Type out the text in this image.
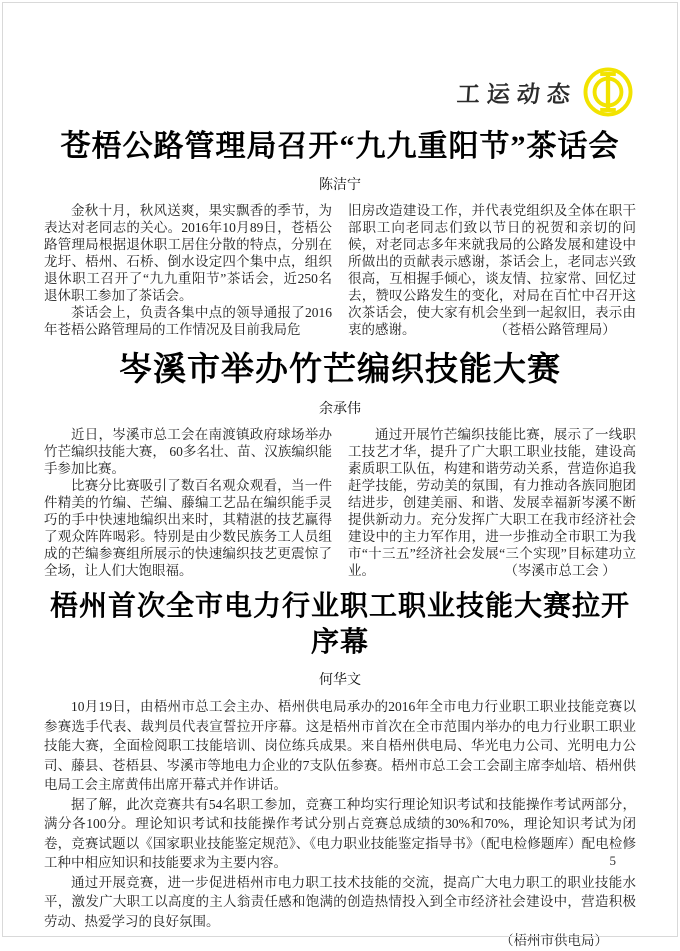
工运动态
苍梧公路管理局召开“九九重阳节”茶话会
陈洁宁

金秋十月，秋风送爽，果实飘香的季节，为表达对老同志的关心。2016年10月89日，苍梧公路管理局根据退休职工居住分散的特点，分别在龙圩、梧州、石桥、倒水设定四个集中点，组织退休职工召开了“九九重阳节”茶话会，近250名退休职工参加了茶话会。

茶话会上，负责各集中点的领导通报了2016年苍梧公路管理局的工作情况及目前我局危

旧房改造建设工作，并代表党组织及全体在职干部职工向老同志们致以节日的祝贺和亲切的问候，对老同志多年来就我局的公路发展和建设中所做出的贡献表示感谢，茶话会上，老同志兴致很高，互相握手倾心，谈友情、拉家常、回忆过去，赞叹公路发生的变化，对局在百忙中召开这次茶话会，使大家有机会坐到一起叙旧，表示由衷的感谢。	（苍梧公路管理局）

岑溪市举办竹芒编织技能大赛
余承伟

近日，岑溪市总工会在南渡镇政府球场举办竹芒编织技能大赛， 60多名壮、苗、汉族编织能手参加比赛。

比赛分比赛吸引了数百名观众观看，当一件件精美的竹编、芒编、藤编工艺品在编织能手灵巧的手中快速地编织出来时，其精湛的技艺赢得了观众阵阵喝彩。特别是由少数民族务工人员组成的芒编参赛组所展示的快速编织技艺更震惊了全场，让人们大饱眼福。

通过开展竹芒编织技能比赛，展示了一线职工技艺才华，提升了广大职工职业技能，建设高素质职工队伍，构建和谐劳动关系，营造你追我赶学技能，劳动美的氛围，有力推动各族同胞团结进步，创建美丽、和谐、发展幸福新岑溪不断提供新动力。充分发挥广大职工在我市经济社会建设中的主力军作用，进一步推动全市职工为我市“十三五”经济社会发展“三个实现”目标建功立业。	（岑溪市总工会 ）

梧州首次全市电力行业职工职业技能大赛拉开序幕
何华文

10月19日，由梧州市总工会主办、梧州供电局承办的2016年全市电力行业职工职业技能竞赛以参赛选手代表、裁判员代表宣誓拉开序幕。这是梧州市首次在全市范围内举办的电力行业职工职业技能大赛，全面检阅职工技能培训、岗位练兵成果。来自梧州供电局、华光电力公司、光明电力公司、藤县、苍梧县、岑溪市等地电力企业的7支队伍参赛。梧州市总工会工会副主席李灿培、梧州供电局工会主席黄伟出席开幕式并作讲话。

据了解，此次竞赛共有54名职工参加，竞赛工种均实行理论知识考试和技能操作考试两部分，满分各100分。理论知识考试和技能操作考试分别占竞赛总成绩的30%和70%，理论知识考试为闭卷，竞赛试题以《国家职业技能鉴定规范》、《电力职业技能鉴定指导书》（配电检修题库）配电检修工种中相应知识和技能要求为主要内容。

通过开展竞赛，进一步促进梧州市电力职工技术技能的交流，提高广大电力职工的职业技能水平，激发广大职工以高度的主人翁责任感和饱满的创造热情投入到全市经济社会建设中，营造积极劳动、热爱学习的良好氛围。

（梧州市供电局）

5
